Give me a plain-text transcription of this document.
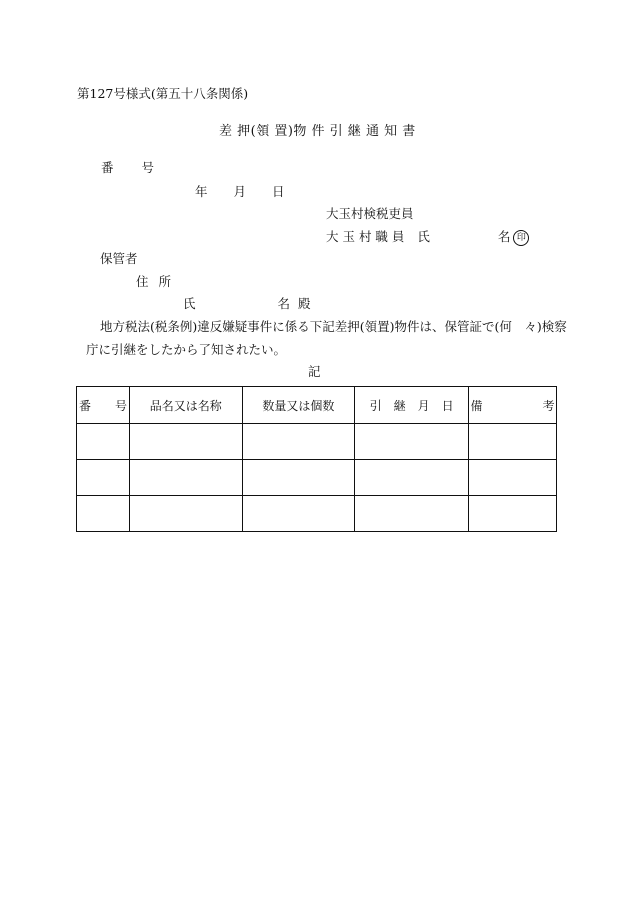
第127号様式(第五十八条関係)
差 押(領 置)物 件 引 継 通 知 書
番 号
年 月 日
大玉村検税吏員
大 玉 村 職 員 氏	名 印
保管者
住 所
氏	名 殿
地方税法(税条例)違反嫌疑事件に係る下記差押(領置)物件は、保管証で(何　々)検察
庁に引継をしたから了知されたい。
記
番　　号	品名又は名称	数量又は個数	引　継　月　日	備　　　　　考
